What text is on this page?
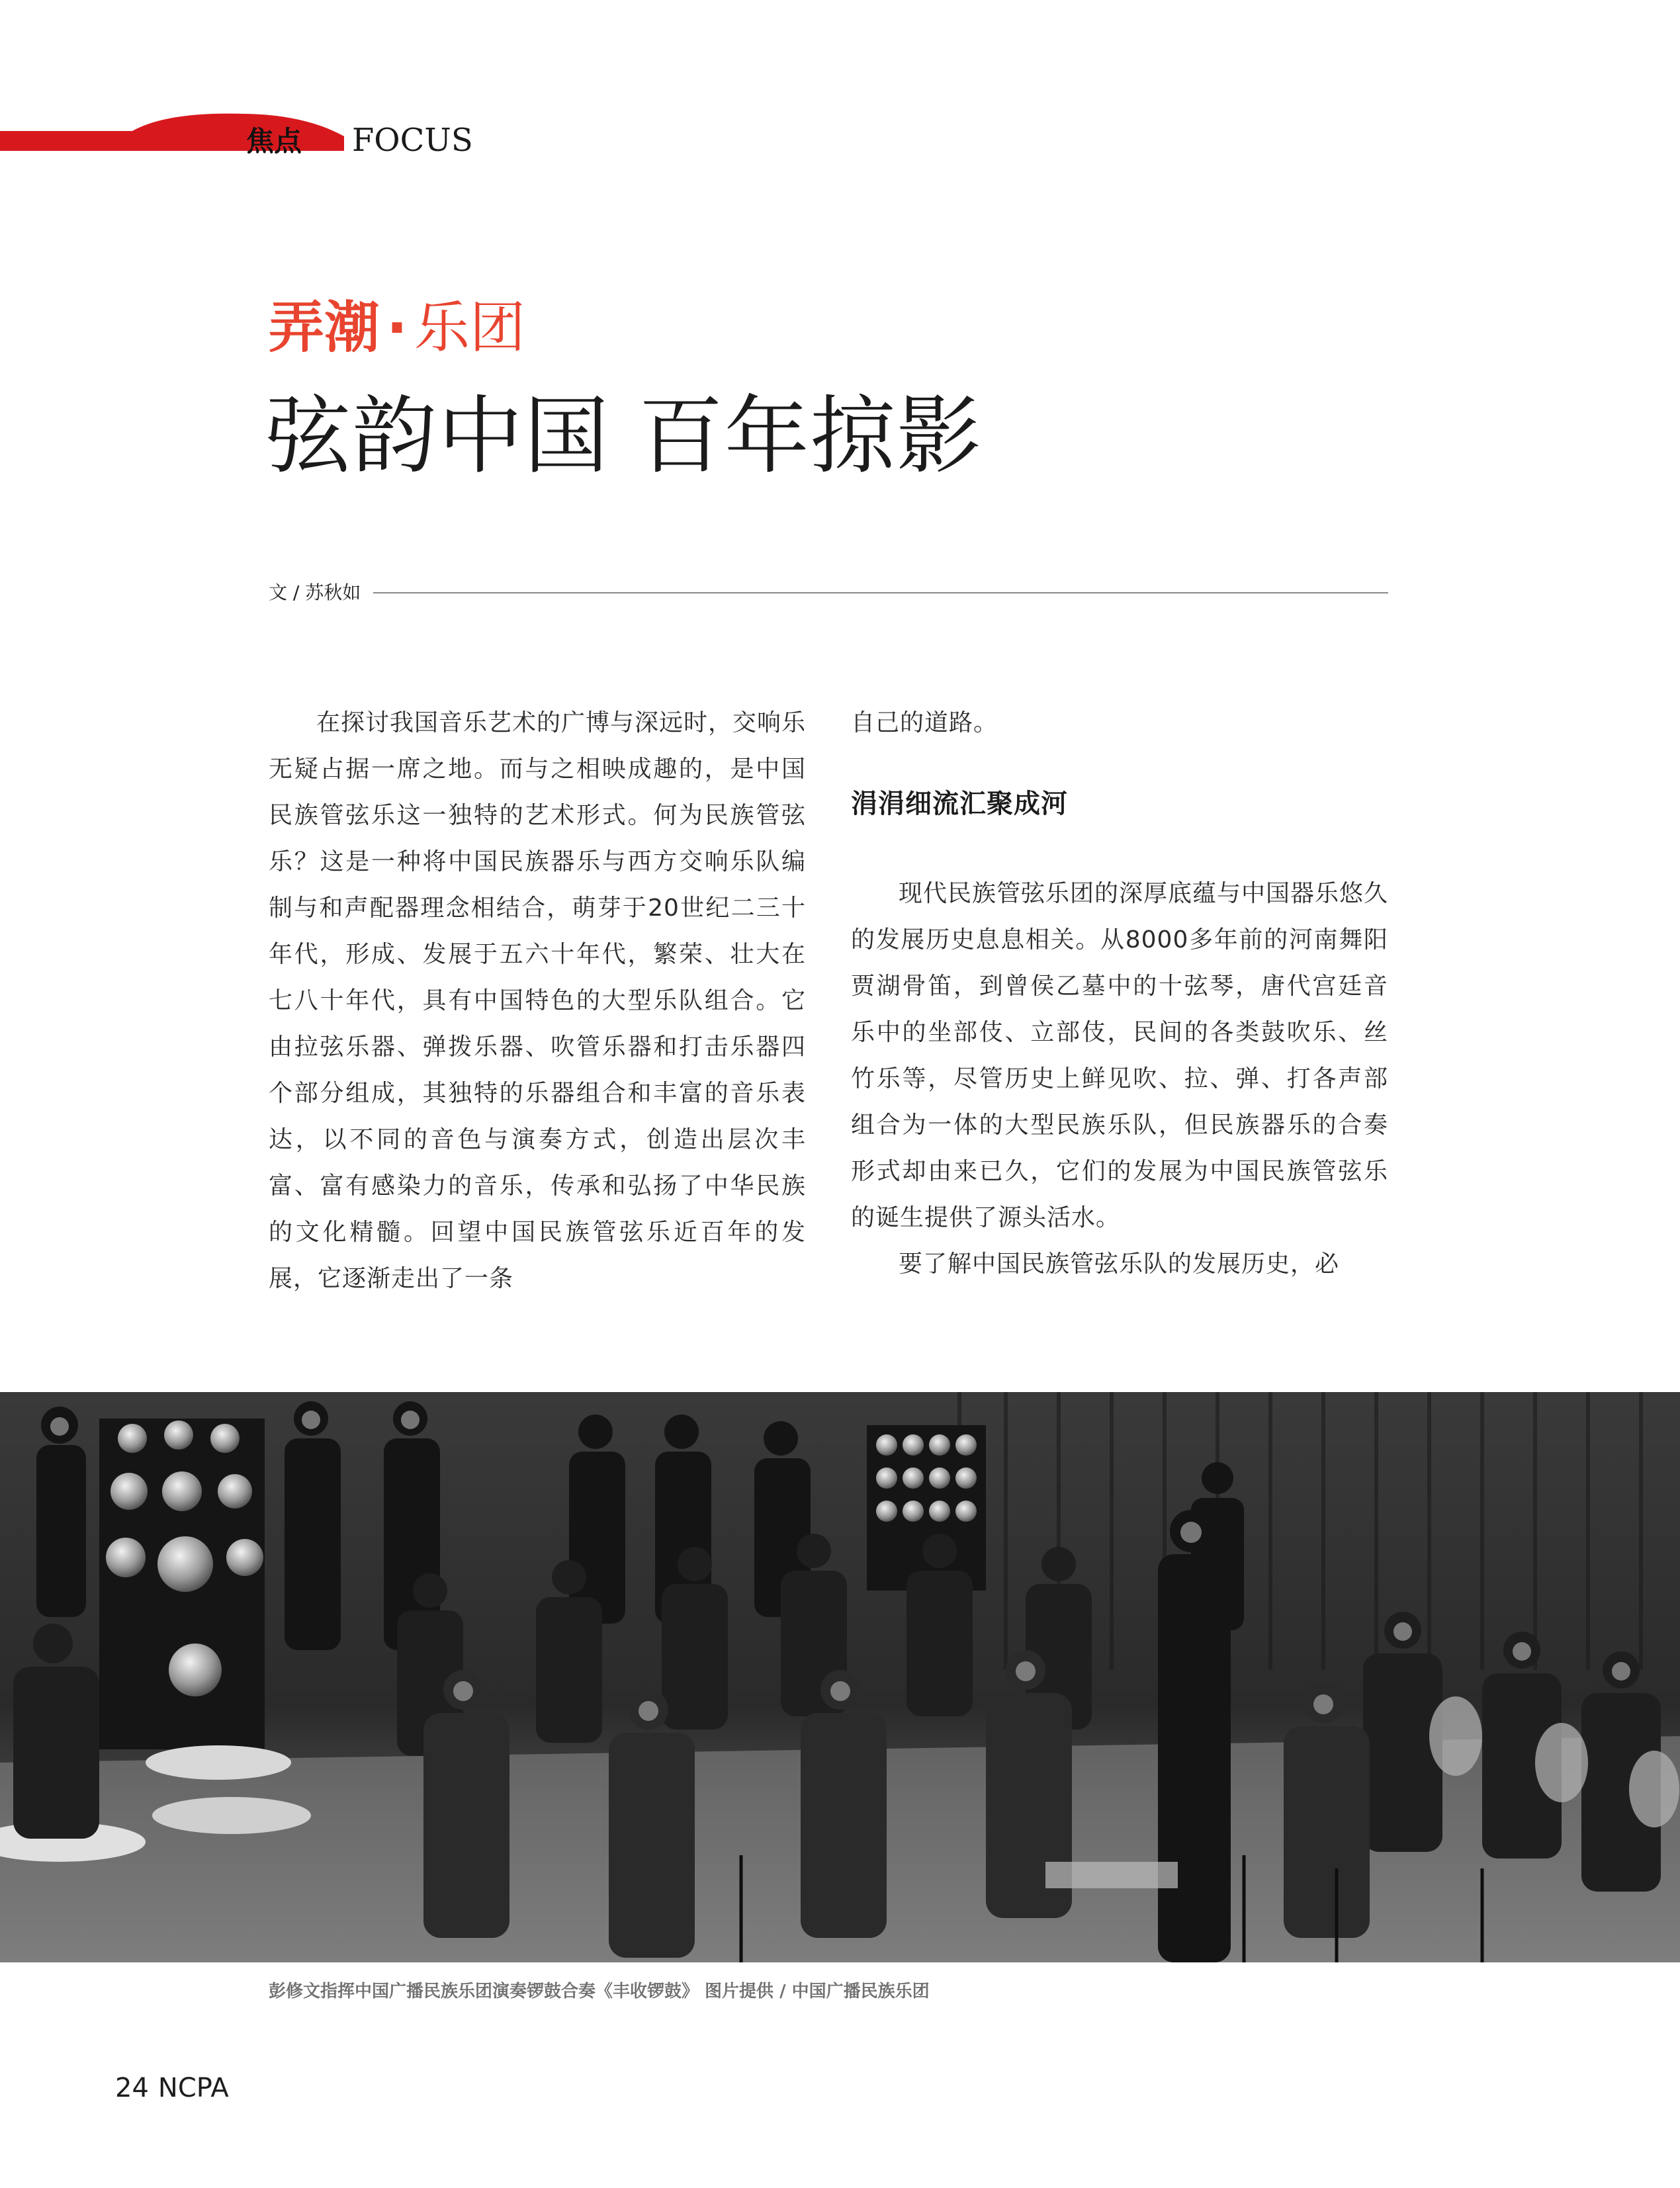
焦点 FOCUS
弄潮 · 乐团
弦韵中国 百年掠影
文 / 苏秋如

在探讨我国音乐艺术的广博与深远时，交响乐无疑占据一席之地。而与之相映成趣的，是中国民族管弦乐这一独特的艺术形式。何为民族管弦乐？这是一种将中国民族器乐与西方交响乐队编制与和声配器理念相结合，萌芽于20世纪二三十年代，形成、发展于五六十年代，繁荣、壮大在七八十年代，具有中国特色的大型乐队组合。它由拉弦乐器、弹拨乐器、吹管乐器和打击乐器四个部分组成，其独特的乐器组合和丰富的音乐表达，以不同的音色与演奏方式，创造出层次丰富、富有感染力的音乐，传承和弘扬了中华民族的文化精髓。回望中国民族管弦乐近百年的发展，它逐渐走出了一条

自己的道路。

涓涓细流汇聚成河

现代民族管弦乐团的深厚底蕴与中国器乐悠久的发展历史息息相关。从8000多年前的河南舞阳贾湖骨笛，到曾侯乙墓中的十弦琴，唐代宫廷音乐中的坐部伎、立部伎，民间的各类鼓吹乐、丝竹乐等，尽管历史上鲜见吹、拉、弹、打各声部组合为一体的大型民族乐队，但民族器乐的合奏形式却由来已久，它们的发展为中国民族管弦乐的诞生提供了源头活水。

要了解中国民族管弦乐队的发展历史，必

彭修文指挥中国广播民族乐团演奏锣鼓合奏《丰收锣鼓》 图片提供 / 中国广播民族乐团
24 NCPA
